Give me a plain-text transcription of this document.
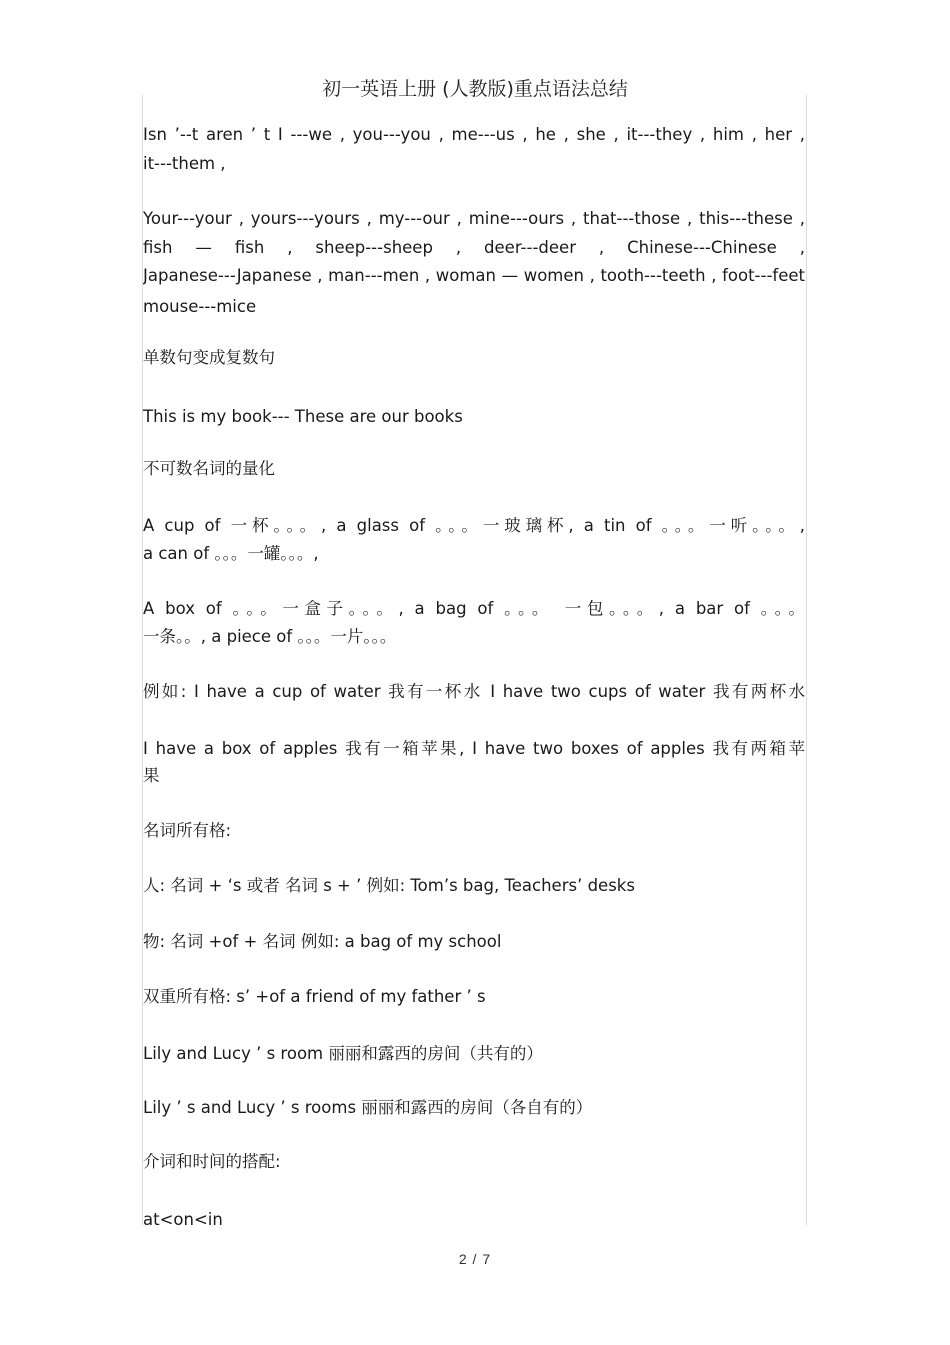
初一英语上册 (人教版)重点语法总结
Isn ’--t aren ’ t I ---we , you---you , me---us , he , she , it---they , him , her ,
it---them ,
Your---your , yours---yours , my---our , mine---ours , that---those , this---these ,
fish — fish , sheep---sheep , deer---deer , Chinese---Chinese ,
Japanese---Japanese , man---men , woman — women , tooth---teeth , foot---feet
mouse---mice
单数句变成复数句
This is my book--- These are our books
不可数名词的量化
A cup of 一杯。。。, a glass of 。。。一玻璃杯, a tin of 。。。一听。。。,
a can of 。。。一罐。。。,
A box of 。。。一盒子。。。, a bag of 。。。 一包。。。, a bar of 。。。
一条。。, a piece of 。。。一片。。。
例如: I have a cup of water 我有一杯水 I have two cups of water 我有两杯水
I have a box of apples 我有一箱苹果, I have two boxes of apples 我有两箱苹
果
名词所有格:
人: 名词 + ‘s 或者 名词 s + ’ 例如: Tom’s bag, Teachers’ desks
物: 名词 +of + 名词 例如: a bag of my school
双重所有格: s’ +of a friend of my father ’ s
Lily and Lucy ’ s room 丽丽和露西的房间（共有的）
Lily ’ s and Lucy ’ s rooms 丽丽和露西的房间（各自有的）
介词和时间的搭配:
at<on<in
2 / 7
